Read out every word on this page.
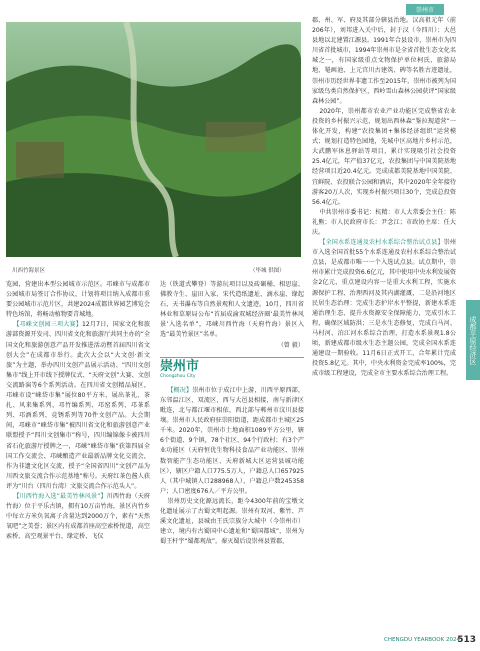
崇州市
川西竹海景区	（毕城 供图）

览园，营建出本型公园城市示范区。邛崃市与成都市公园城市局签订合作协议，计划将项目纳入成都市重要公园城市示范片区，共建2024成都世界园艺博览会特色场馆，将畅动植物要青城地。

【邛崃文创园三项大赛】12月7日，国家文化和旅游部资源开发司、四川省文化和旅游厅共同主办的“全国文化和旅游创意产品开发推进活动暨首届四川省文创大会”在成都市举行。此次大会以“大文创·新文旅”为主题，举办四川文创产品展示活动、“四川文创集市”线上开市线下授牌仪式、“天府文创”大赛、文创交流路演等6个系列活动。在四川省文创精品展区，邛崃市设“崃岱市集”展位80平方米，展出茶礼、茶扎、风来集系列、邛竹编系列、邛窑系列、邛茶系列、邛酒系列、竞锈系列等70件文创产品。大会期间，邛崃市“崃岱市集”被四川省文化和旅游创意产业联盟授予“四川文创集市”称号，四川编锦像卡被四川省石化旅游厅授牌之一，邛崃“崃岱市集”获第四届全国工作交流会、邛崃酿造产业最新品牌文化交流会，作为非遗文化区交流，授予“全国省四川”文创产品为川西文旅交流合作示范基地”称号。天府红茶色酱人获评为“川台（四川台湾）文旅交流合作示范头人”。

【川西竹海入选“最美竹林风景”】川西竹海（天府竹海）位于平乐古镇，拥有10万亩竹海，景区内竹乡中每立方米负氧离子含量达到2000万个，素有“天然氧吧”之美誉；景区内有成都首座高空索桥悦道，高空索桥、高空观景平台、缘定桥、飞仪

达（铁道式攀登）等游玩项目以及砖碾桶、相思崖、佛教寺生、崖田入家、宋代造纸遗址、滴水崖、缘起石、天书瀑布等自然景观和人文遗迹。10月，四川省林业和草原局公布“首届成渝双城经济圈‘最美竹林风景’入选名单”，邛崃川西竹海（天府竹海）景区入选“最美竹景区”名单。

（曾 毅）
崇州市
Chongzhou City

【概况】崇州市位于成江中上游，川西平原西部，东邻温江区、双流区，西与大邑县相接，南与新津区毗连，北与都江堰市相依，西北部与郫州市汶川县接壤。崇州市人民政府驻崇阳街道，距成都市主城区25千米。2020年，崇州市土地面积1089平方公里，辖6个街道、9个镇，78个社区、94个行政村；有3个产业功能区（天府恒优生物科技食品产业功能区、崇州数智能产生态功能区、天府新城大区运营县城功能区），辖区户籍人口775.5万人，户籍总人口657925人（其中城镇人口288968人），户籍总户数245358户；人口密度676人／平方公里。

崇州历史文化源远流长，距今4300年前的宝墩文化遗址展示了古蜀文明起源。崇州有双河、紫竹、芦溪文化遗址，县城由王氏宗族分大城中（今崇州市）建立，境内有古蜀国中心遗址和“蜀国都城”，崇州为蜀王杆宇“蜀都观故”。秦灭蜀后设崇州县置郡，

郡、州、军、府及其部分辖县治地。汉高祖元年（前206年），刘邦进入关中后，封于汉（今四川）；大邑县地以北建置江源县。1991年合县设市，崇州市为四川省首批城市，1994年崇州市是全省首批生态文化名城之一，有国家级重点文物保护单位柯氏、旅游局地、罨画池、上元宫川古建筑、碑等名胜古迹遗址，崇州市历经世界非遗工作至2015年，崇州市被列为国家级鸟类自然保护区，西岭雪山森林公园获评“国家级森林公园”。

2020年，崇州都市农业产业功能区完成整省农业投资的乡村振兴示范，规划出西林森“鉴拉现道营”一体化开发，构建“农投集团+集体经济组织”运营模式；规划打造特色园地，先城中区高地片乡村示范，大武鹏军休息驿站等项目，累计实现吸引社会投资25.4亿元，年产值37亿元，农投集团与中国美院基地经营项目近20.4亿元。完成成都美院基地中国美院、宜鲜院、农投联合公园和酒店，其中2020年全年接待游客20万人次，实现乡村振兴项目30个，完成总投资56.4亿元。

中共崇州市委书记：杭精：市人大常委会主任：陈礼熊；市人民政府市长：尹念江；市政协主席：任大庆。

【全国水系连通及农村水系综合整治试点县】崇州市入选全国首批55个水系连通及农村水系综合整治试点县，是成都市唯一一个入选试点县。试点期中，崇州市累计完成投资6.6亿元，其中使用中央水利发展资金2亿元，重点建设内容一是重大水利工程，实施水源保护工程、治理西河及其内湖灌溉，二是沿河地区民居生态治理：完成生态护岸水平整提，新建水系连通治理生态、提升水资源安全保障能力，完成引水工程，确保区域防洪；三是水生态修复，完成白马河、马村河、泊江河水系综合治理，打造水系景观1.8公顷，新建成都市级水生态主题公园，完成全国水系连通建设一期验收。11月6日正式开工，合年累计完成投资5.8亿元。其中，中央水利资金完成率100%，完成市级工程建设，完成全市主要水系综合治理工程。

成都平原经济区
CHENGDU YEARBOOK 2024
513
